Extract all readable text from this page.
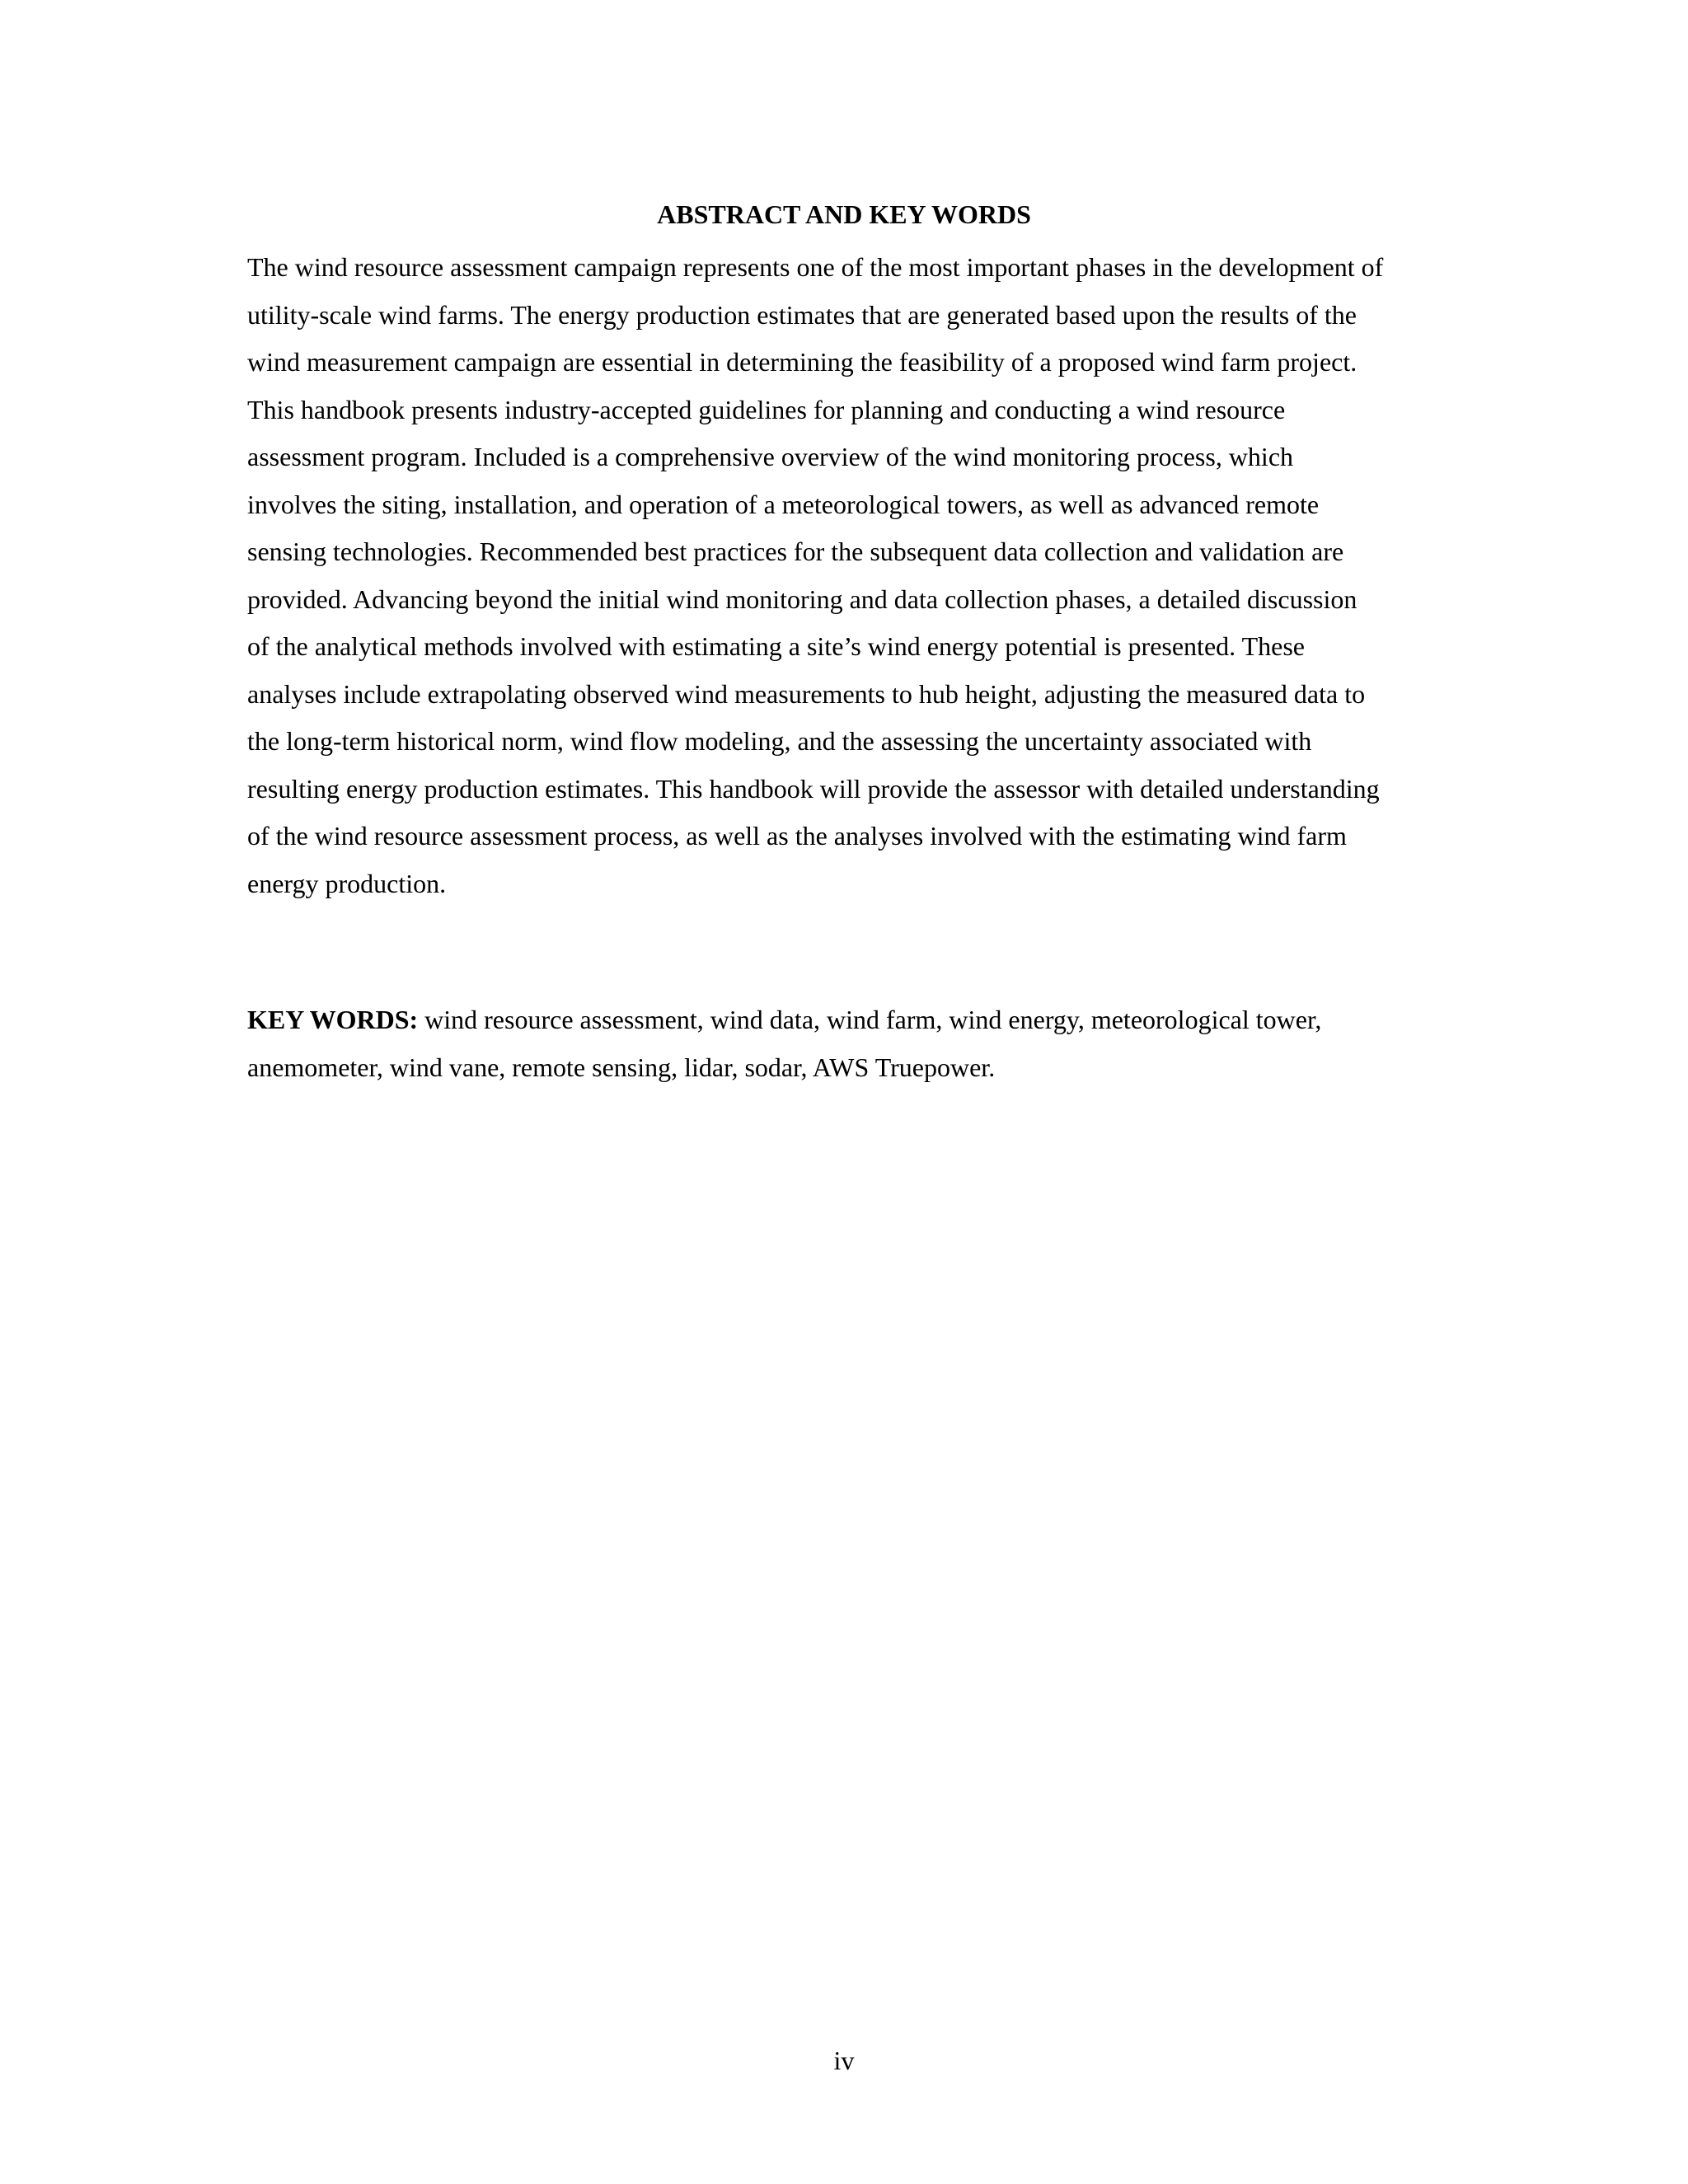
ABSTRACT AND KEY WORDS
The wind resource assessment campaign represents one of the most important phases in the development of
utility-scale wind farms. The energy production estimates that are generated based upon the results of the
wind measurement campaign are essential in determining the feasibility of a proposed wind farm project.
This handbook presents industry-accepted guidelines for planning and conducting a wind resource
assessment program. Included is a comprehensive overview of the wind monitoring process, which
involves the siting, installation, and operation of a meteorological towers, as well as advanced remote
sensing technologies. Recommended best practices for the subsequent data collection and validation are
provided. Advancing beyond the initial wind monitoring and data collection phases, a detailed discussion
of the analytical methods involved with estimating a site’s wind energy potential is presented. These
analyses include extrapolating observed wind measurements to hub height, adjusting the measured data to
the long-term historical norm, wind flow modeling, and the assessing the uncertainty associated with
resulting energy production estimates. This handbook will provide the assessor with detailed understanding
of the wind resource assessment process, as well as the analyses involved with the estimating wind farm
energy production.
KEY WORDS: wind resource assessment, wind data, wind farm, wind energy, meteorological tower,
anemometer, wind vane, remote sensing, lidar, sodar, AWS Truepower.
iv
